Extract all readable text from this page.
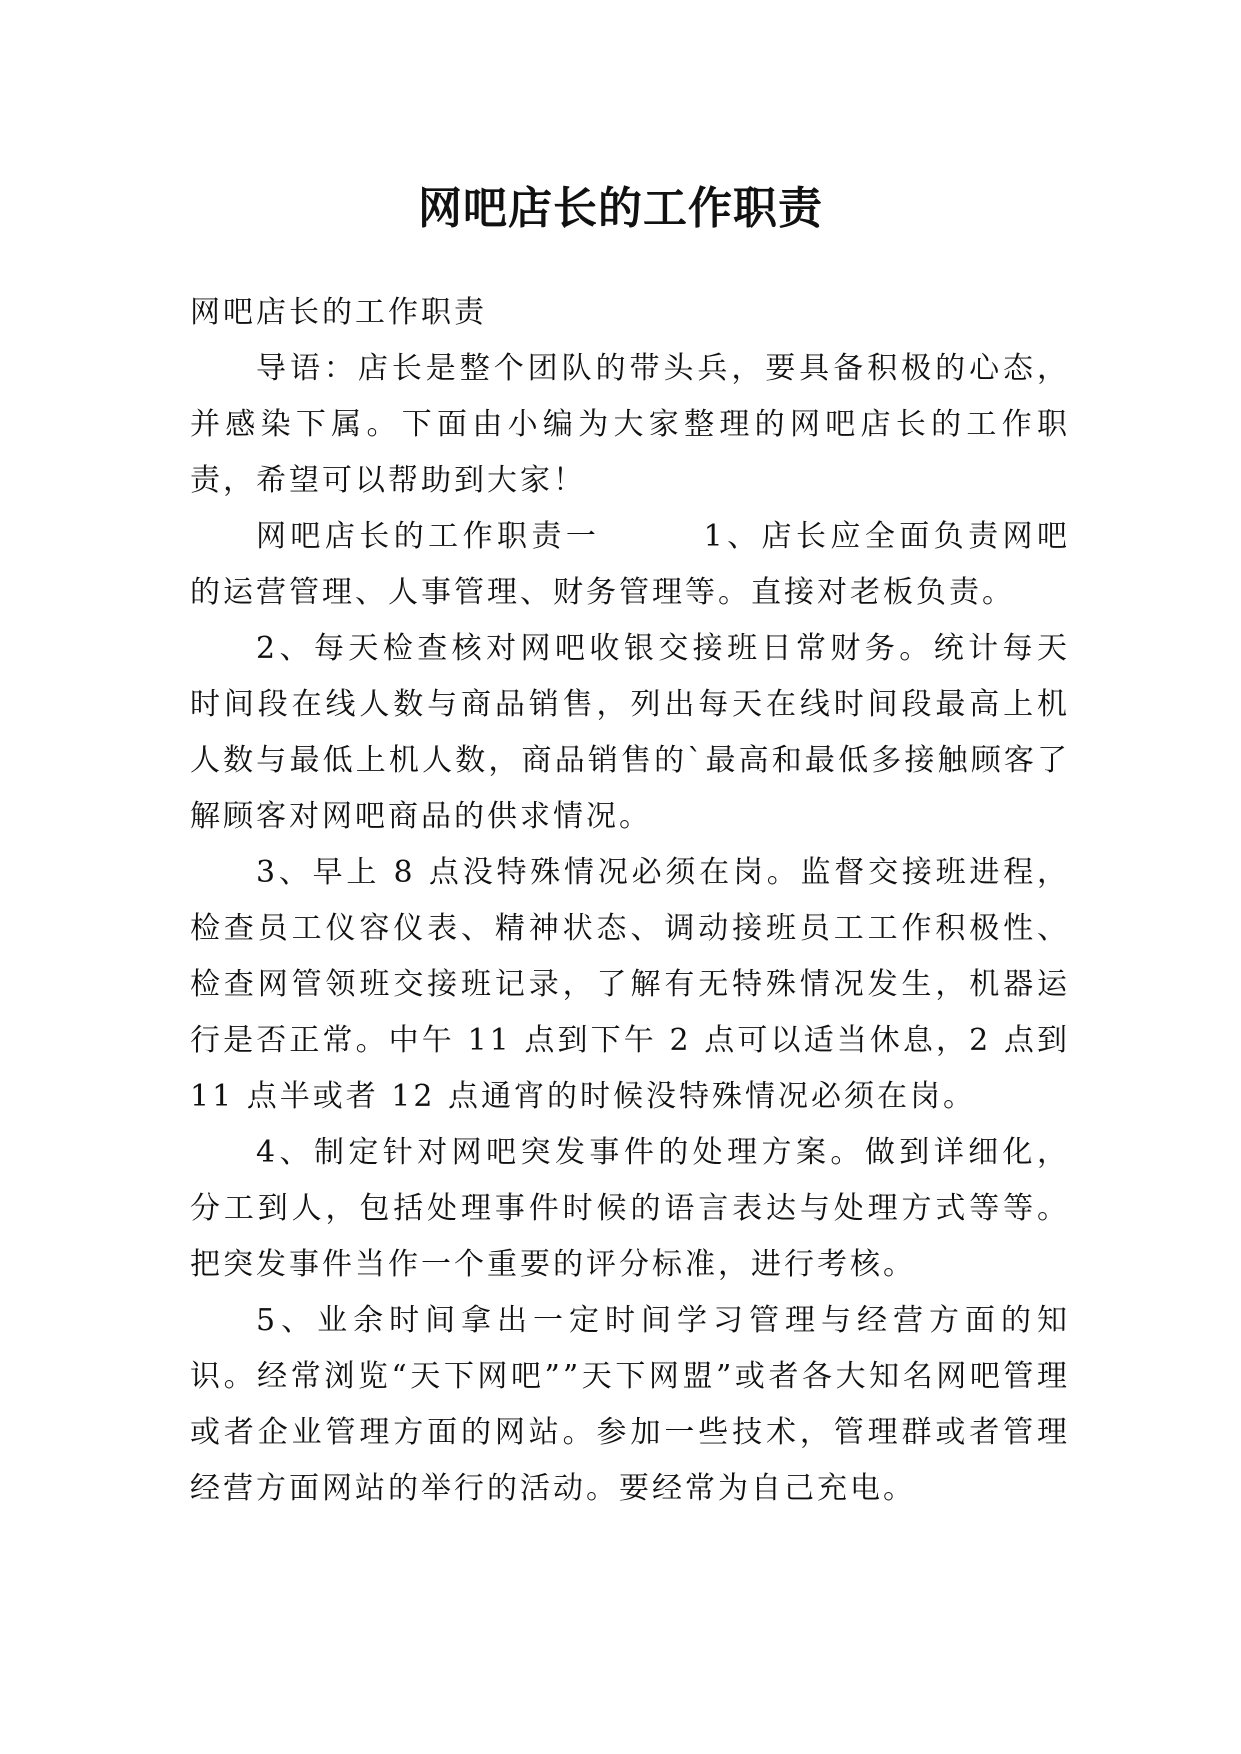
网吧店长的工作职责

网吧店长的工作职责

导语：店长是整个团队的带头兵，要具备积极的心态，并感染下属。下面由小编为大家整理的网吧店长的工作职责，希望可以帮助到大家！

网吧店长的工作职责一　　　1、店长应全面负责网吧的运营管理、人事管理、财务管理等。直接对老板负责。

2、每天检查核对网吧收银交接班日常财务。统计每天时间段在线人数与商品销售，列出每天在线时间段最高上机人数与最低上机人数，商品销售的`最高和最低多接触顾客了解顾客对网吧商品的供求情况。

3、早上 8 点没特殊情况必须在岗。监督交接班进程，检查员工仪容仪表、精神状态、调动接班员工工作积极性、检查网管领班交接班记录，了解有无特殊情况发生，机器运行是否正常。中午 11 点到下午 2 点可以适当休息，2 点到 11 点半或者 12 点通宵的时候没特殊情况必须在岗。

4、制定针对网吧突发事件的处理方案。做到详细化，分工到人，包括处理事件时候的语言表达与处理方式等等。把突发事件当作一个重要的评分标准，进行考核。

5、业余时间拿出一定时间学习管理与经营方面的知识。经常浏览“天下网吧””天下网盟”或者各大知名网吧管理或者企业管理方面的网站。参加一些技术，管理群或者管理经营方面网站的举行的活动。要经常为自己充电。
